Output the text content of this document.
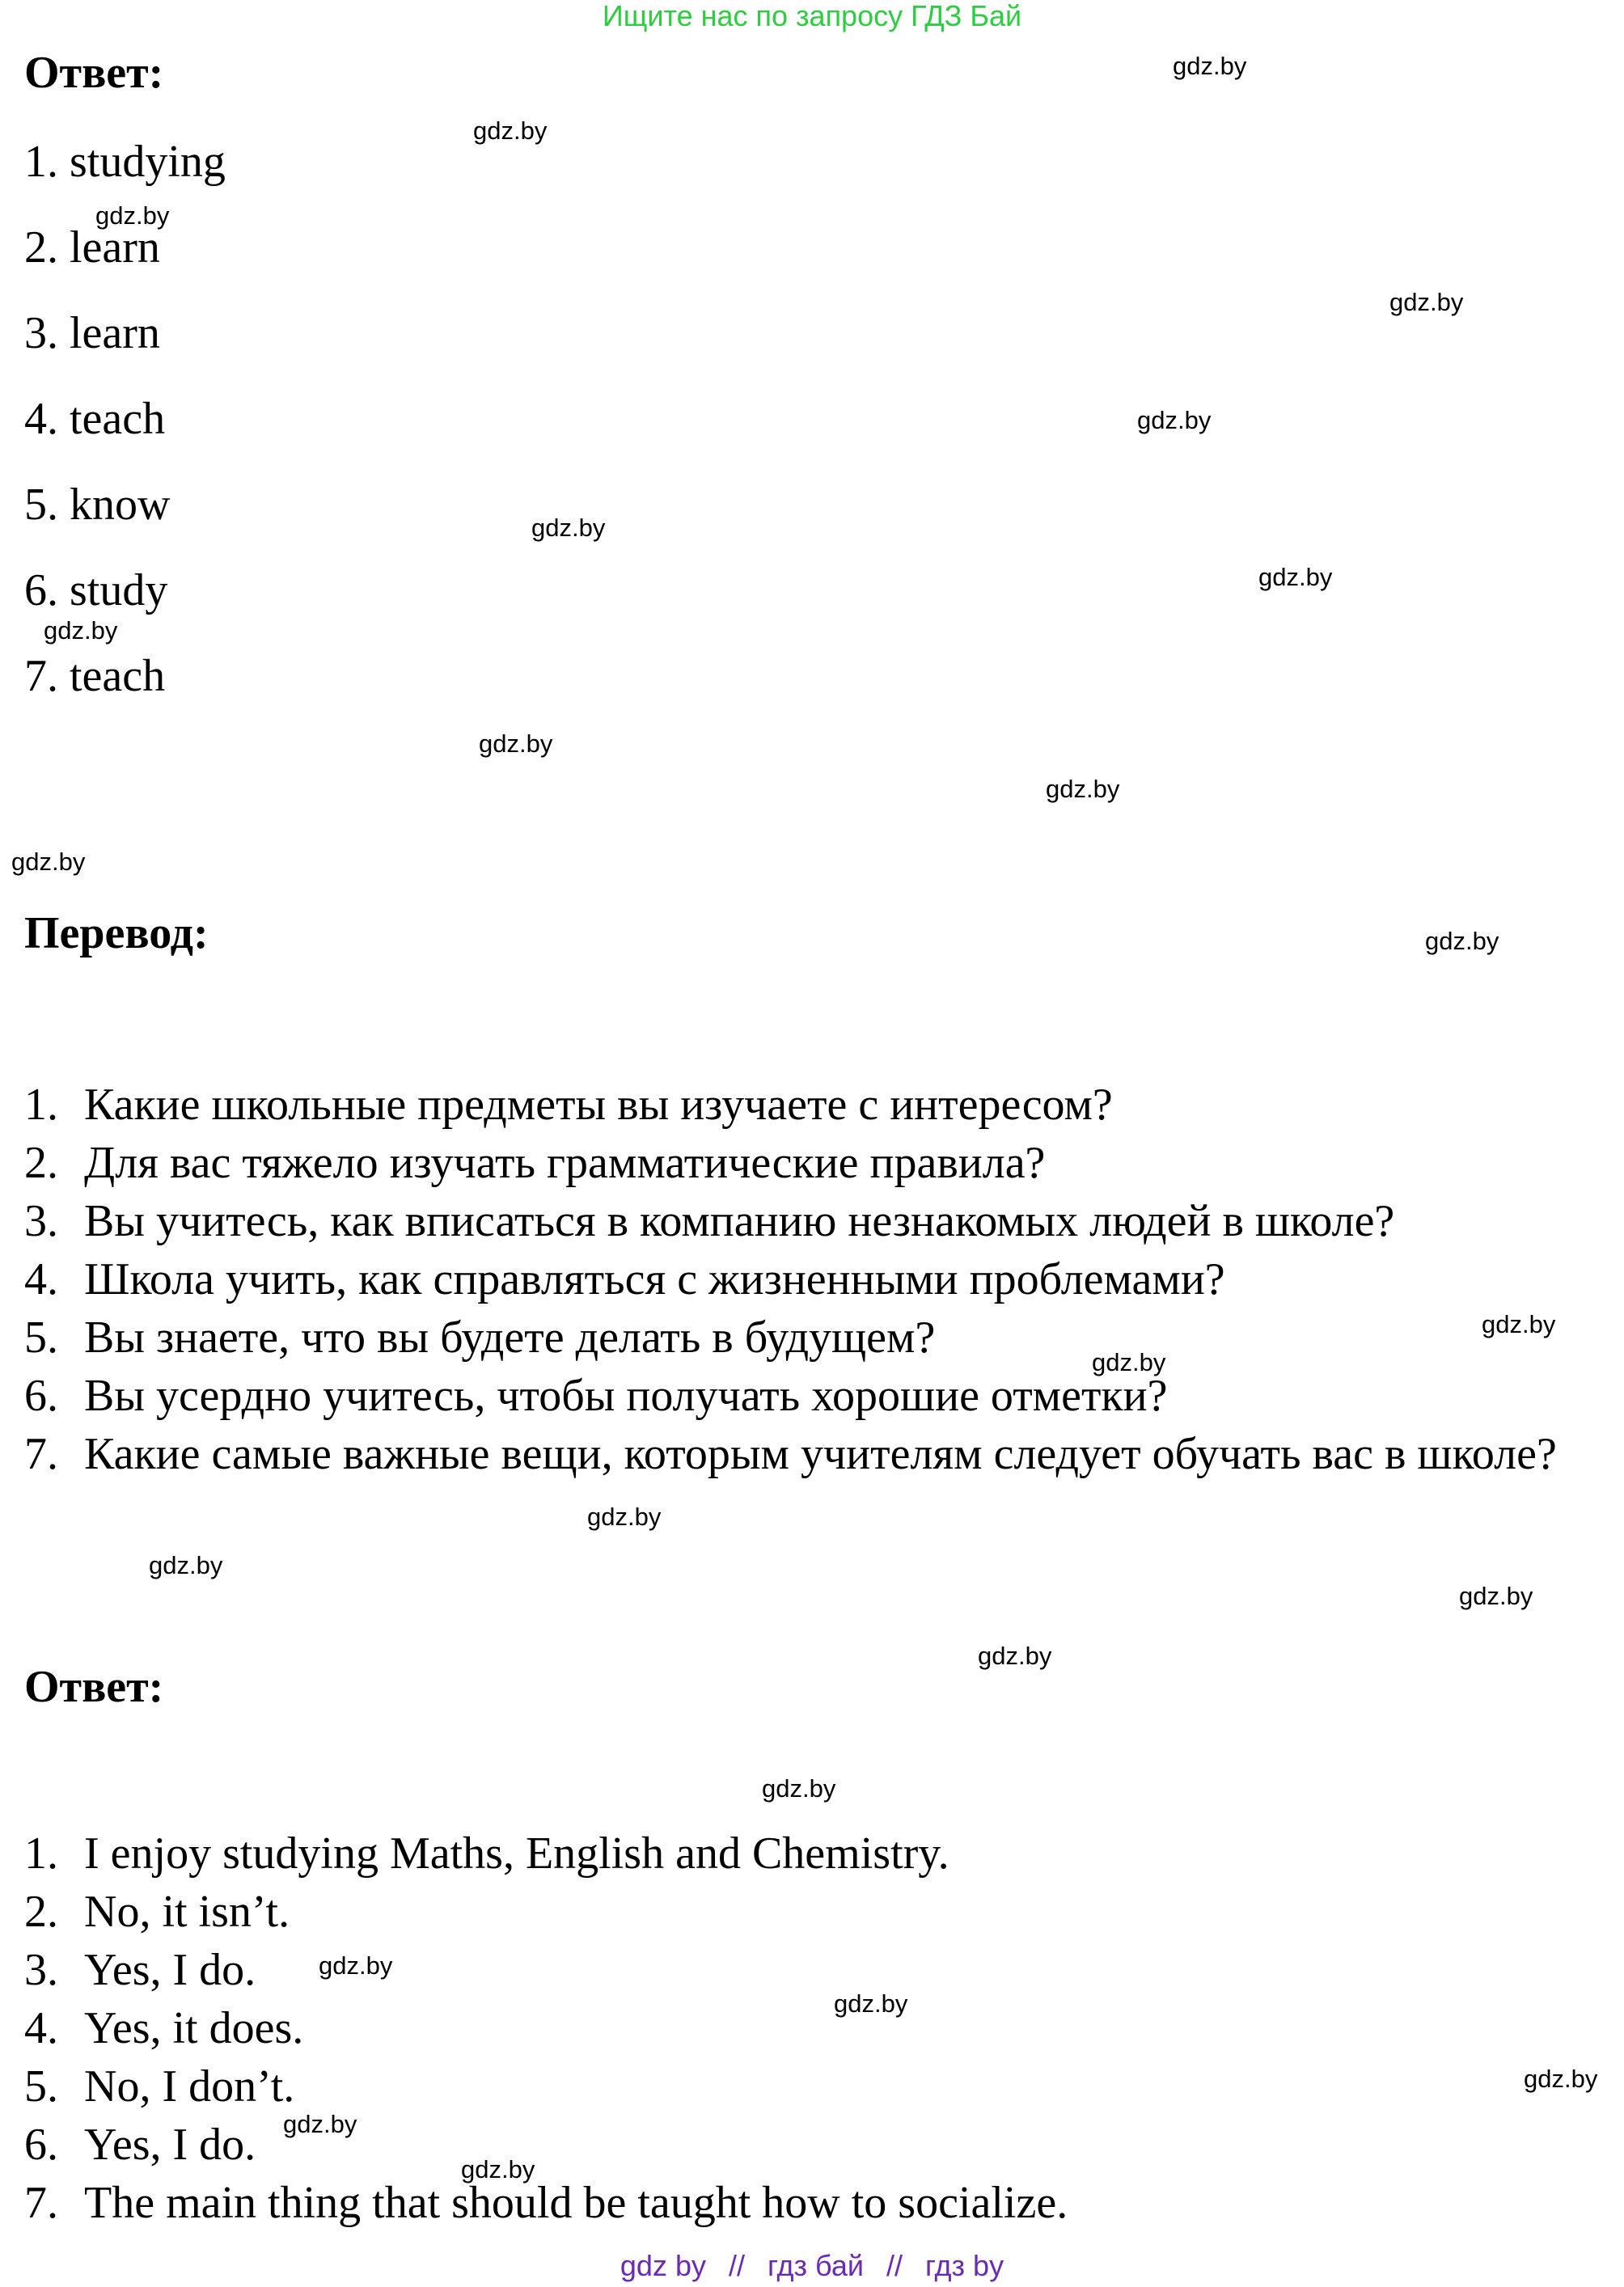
Ищите нас по запросу ГДЗ Бай
Ответ:
1. studying
2. learn
3. learn
4. teach
5. know
6. study
7. teach
Перевод:
1. Какие школьные предметы вы изучаете с интересом?
2. Для вас тяжело изучать грамматические правила?
3. Вы учитесь, как вписаться в компанию незнакомых людей в школе?
4. Школа учить, как справляться с жизненными проблемами?
5. Вы знаете, что вы будете делать в будущем?
6. Вы усердно учитесь, чтобы получать хорошие отметки?
7. Какие самые важные вещи, которым учителям следует обучать вас в школе?
Ответ:
1. I enjoy studying Maths, English and Chemistry.
2. No, it isn’t.
3. Yes, I do.
4. Yes, it does.
5. No, I don’t.
6. Yes, I do.
7. The main thing that should be taught how to socialize.
gdz.by
gdz.by
gdz.by
gdz.by
gdz.by
gdz.by
gdz.by
gdz.by
gdz.by
gdz.by
gdz.by
gdz.by
gdz.by
gdz.by
gdz.by
gdz.by
gdz.by
gdz.by
gdz.by
gdz.by
gdz.by
gdz.by
gdz.by
gdz.by
gdz by // гдз бай // гдз by
